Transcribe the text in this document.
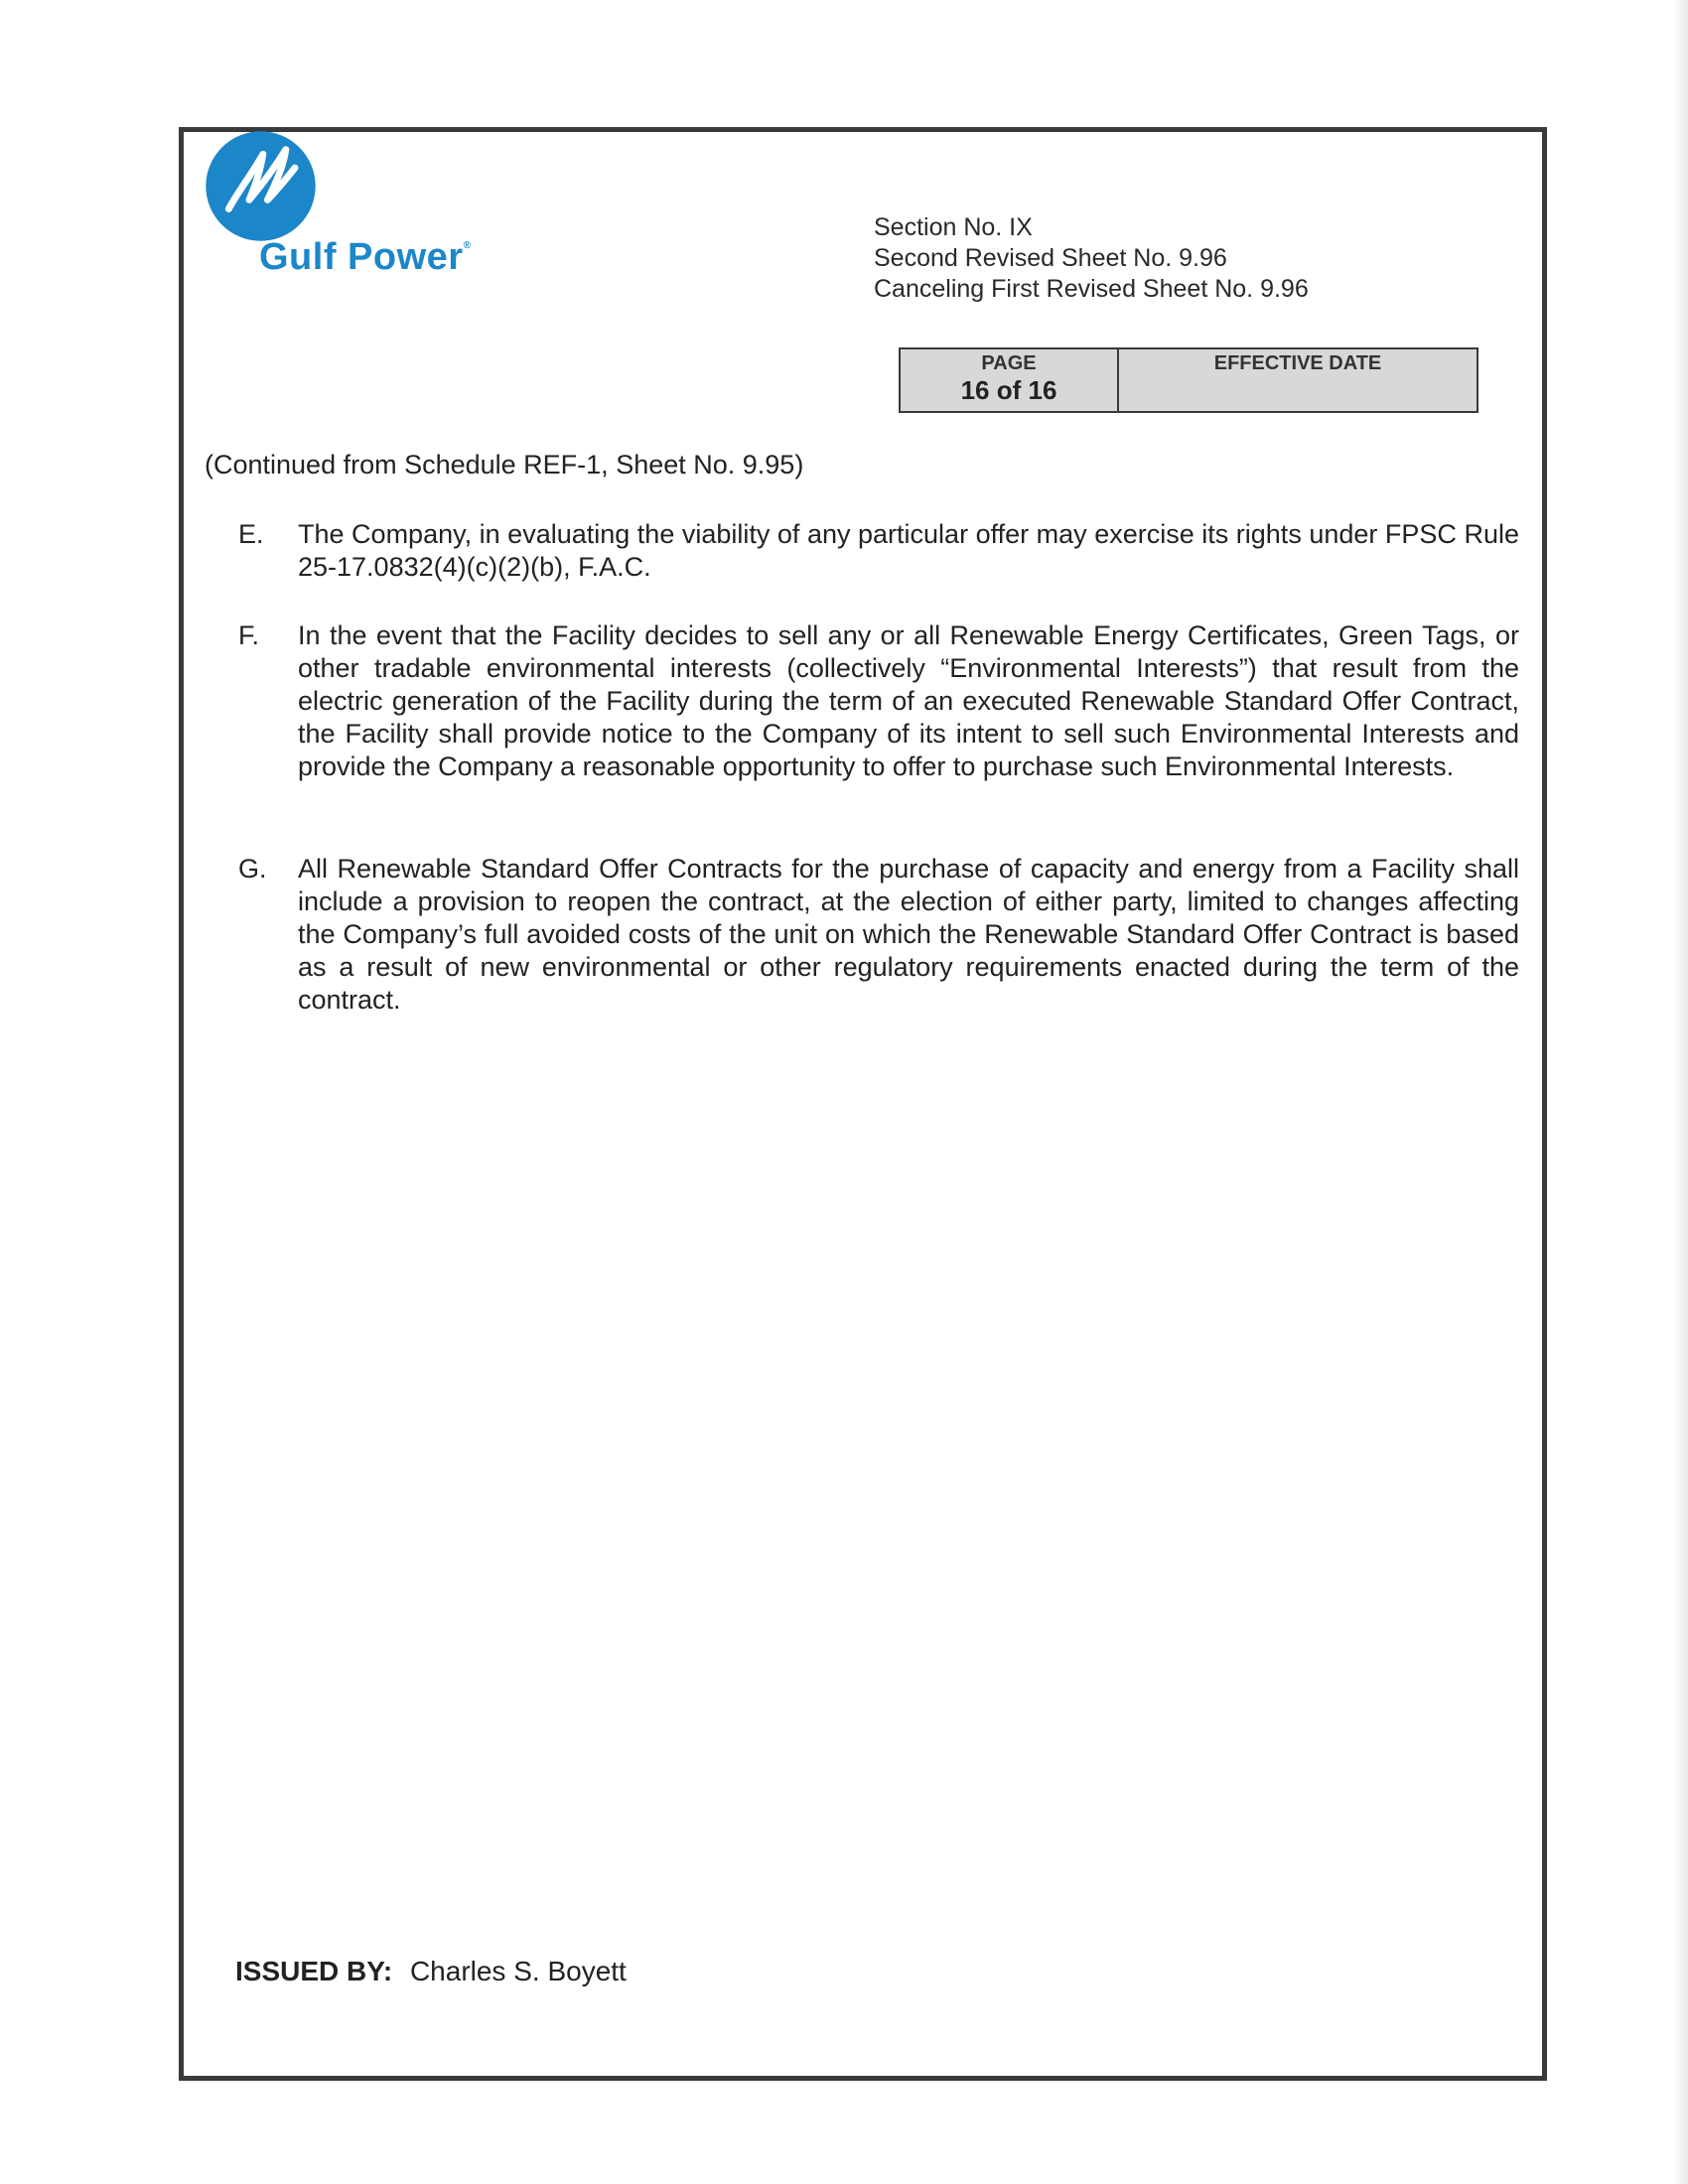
Gulf Power®
Section No. IX
Second Revised Sheet No. 9.96
Canceling First Revised Sheet No. 9.96
PAGE
16 of 16
EFFECTIVE DATE
(Continued from Schedule REF-1, Sheet No. 9.95)
E. The Company, in evaluating the viability of any particular offer may exercise its rights under FPSC Rule 25-17.0832(4)(c)(2)(b), F.A.C.
F. In the event that the Facility decides to sell any or all Renewable Energy Certificates, Green Tags, or other tradable environmental interests (collectively “Environmental Interests”) that result from the electric generation of the Facility during the term of an executed Renewable Standard Offer Contract, the Facility shall provide notice to the Company of its intent to sell such Environmental Interests and provide the Company a reasonable opportunity to offer to purchase such Environmental Interests.
G. All Renewable Standard Offer Contracts for the purchase of capacity and energy from a Facility shall include a provision to reopen the contract, at the election of either party, limited to changes affecting the Company’s full avoided costs of the unit on which the Renewable Standard Offer Contract is based as a result of new environmental or other regulatory requirements enacted during the term of the contract.
ISSUED BY: Charles S. Boyett
